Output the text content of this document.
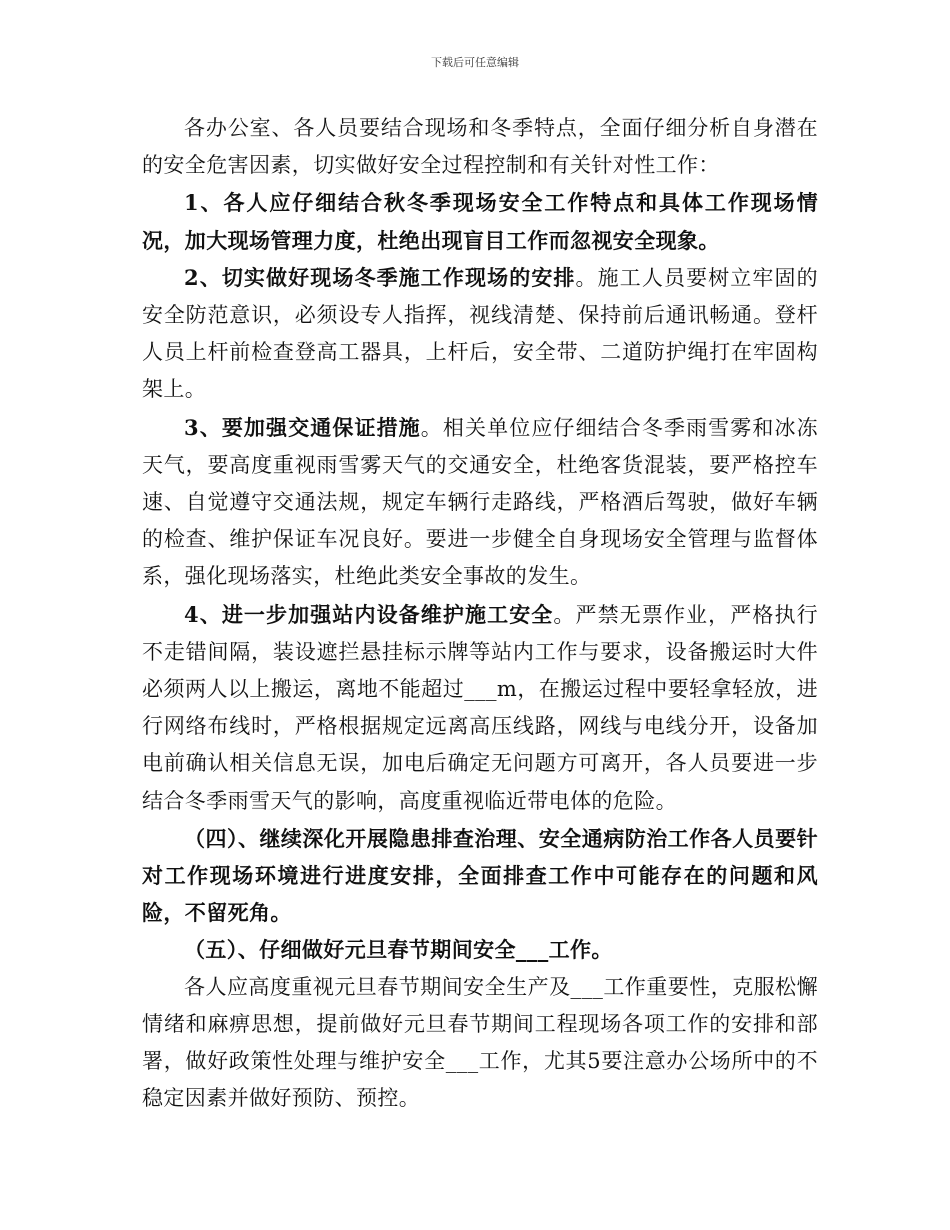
下载后可任意编辑

各办公室、各人员要结合现场和冬季特点，全面仔细分析自身潜在的安全危害因素，切实做好安全过程控制和有关针对性工作：

1、各人应仔细结合秋冬季现场安全工作特点和具体工作现场情况，加大现场管理力度，杜绝出现盲目工作而忽视安全现象。

2、切实做好现场冬季施工作现场的安排。施工人员要树立牢固的安全防范意识，必须设专人指挥，视线清楚、保持前后通讯畅通。登杆人员上杆前检查登高工器具，上杆后，安全带、二道防护绳打在牢固构架上。

3、要加强交通保证措施。相关单位应仔细结合冬季雨雪雾和冰冻天气，要高度重视雨雪雾天气的交通安全，杜绝客货混装，要严格控车速、自觉遵守交通法规，规定车辆行走路线，严格酒后驾驶，做好车辆的检查、维护保证车况良好。要进一步健全自身现场安全管理与监督体系，强化现场落实，杜绝此类安全事故的发生。

4、进一步加强站内设备维护施工安全。严禁无票作业，严格执行不走错间隔，装设遮拦悬挂标示牌等站内工作与要求，设备搬运时大件必须两人以上搬运，离地不能超过___m，在搬运过程中要轻拿轻放，进行网络布线时，严格根据规定远离高压线路，网线与电线分开，设备加电前确认相关信息无误，加电后确定无问题方可离开，各人员要进一步结合冬季雨雪天气的影响，高度重视临近带电体的危险。

（四）、继续深化开展隐患排查治理、安全通病防治工作各人员要针对工作现场环境进行进度安排，全面排查工作中可能存在的问题和风险，不留死角。

（五）、仔细做好元旦春节期间安全___工作。

各人应高度重视元旦春节期间安全生产及___工作重要性，克服松懈情绪和麻痹思想，提前做好元旦春节期间工程现场各项工作的安排和部署，做好政策性处理与维护安全___工作，尤其5要注意办公场所中的不稳定因素并做好预防、预控。
